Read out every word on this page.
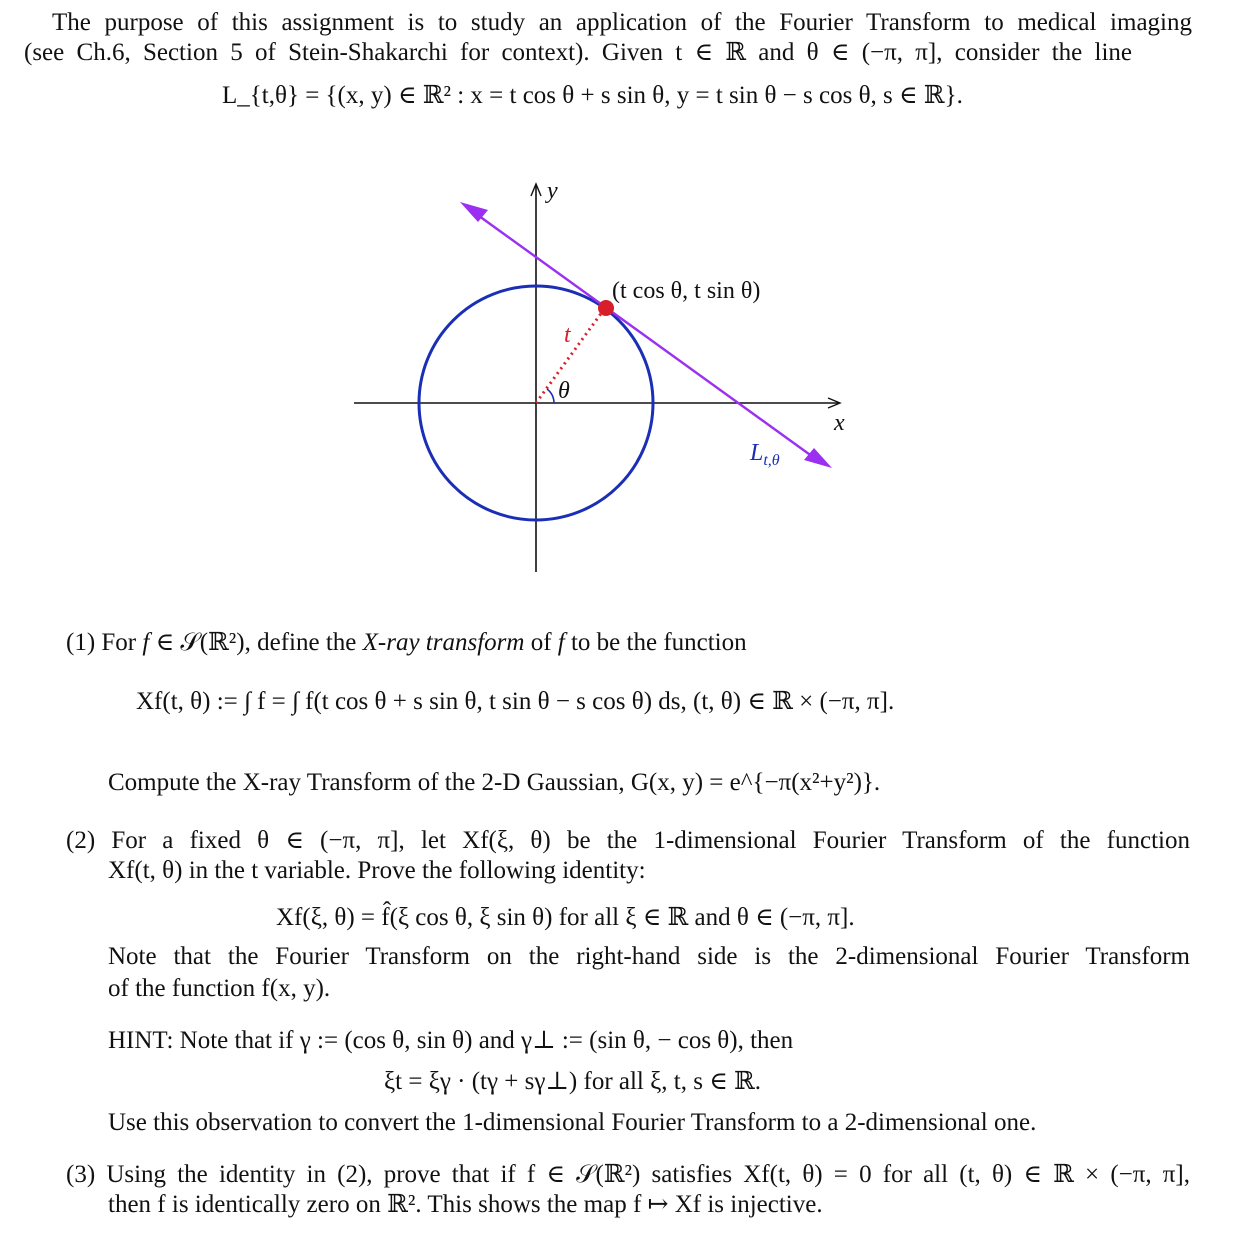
The purpose of this assignment is to study an application of the Fourier Transform to medical imaging
(see Ch.6, Section 5 of Stein-Shakarchi for context). Given t ∈ ℝ and θ ∈ (−π, π], consider the line
L_{t,θ} = {(x, y) ∈ ℝ² : x = t cos θ + s sin θ, y = t sin θ − s cos θ, s ∈ ℝ}.
y
x
(t cos θ, t sin θ)
t
θ
$L_{t,\theta}$
(1) For f ∈ 𝒮(ℝ²), define the X-ray transform of f to be the function
Xf(t, θ) := ∫ f = ∫ f(t cos θ + s sin θ, t sin θ − s cos θ) ds, (t, θ) ∈ ℝ × (−π, π].
Compute the X-ray Transform of the 2-D Gaussian, G(x, y) = e^{−π(x²+y²)}.
(2) For a fixed θ ∈ (−π, π], let Xf(ξ, θ) be the 1-dimensional Fourier Transform of the function
Xf(t, θ) in the t variable. Prove the following identity:
Xf(ξ, θ) = f̂(ξ cos θ, ξ sin θ) for all ξ ∈ ℝ and θ ∈ (−π, π].
Note that the Fourier Transform on the right-hand side is the 2-dimensional Fourier Transform
of the function f(x, y).
HINT: Note that if γ := (cos θ, sin θ) and γ⊥ := (sin θ, − cos θ), then
ξt = ξγ · (tγ + sγ⊥) for all ξ, t, s ∈ ℝ.
Use this observation to convert the 1-dimensional Fourier Transform to a 2-dimensional one.
(3) Using the identity in (2), prove that if f ∈ 𝒮(ℝ²) satisfies Xf(t, θ) = 0 for all (t, θ) ∈ ℝ × (−π, π],
then f is identically zero on ℝ². This shows the map f ↦ Xf is injective.
